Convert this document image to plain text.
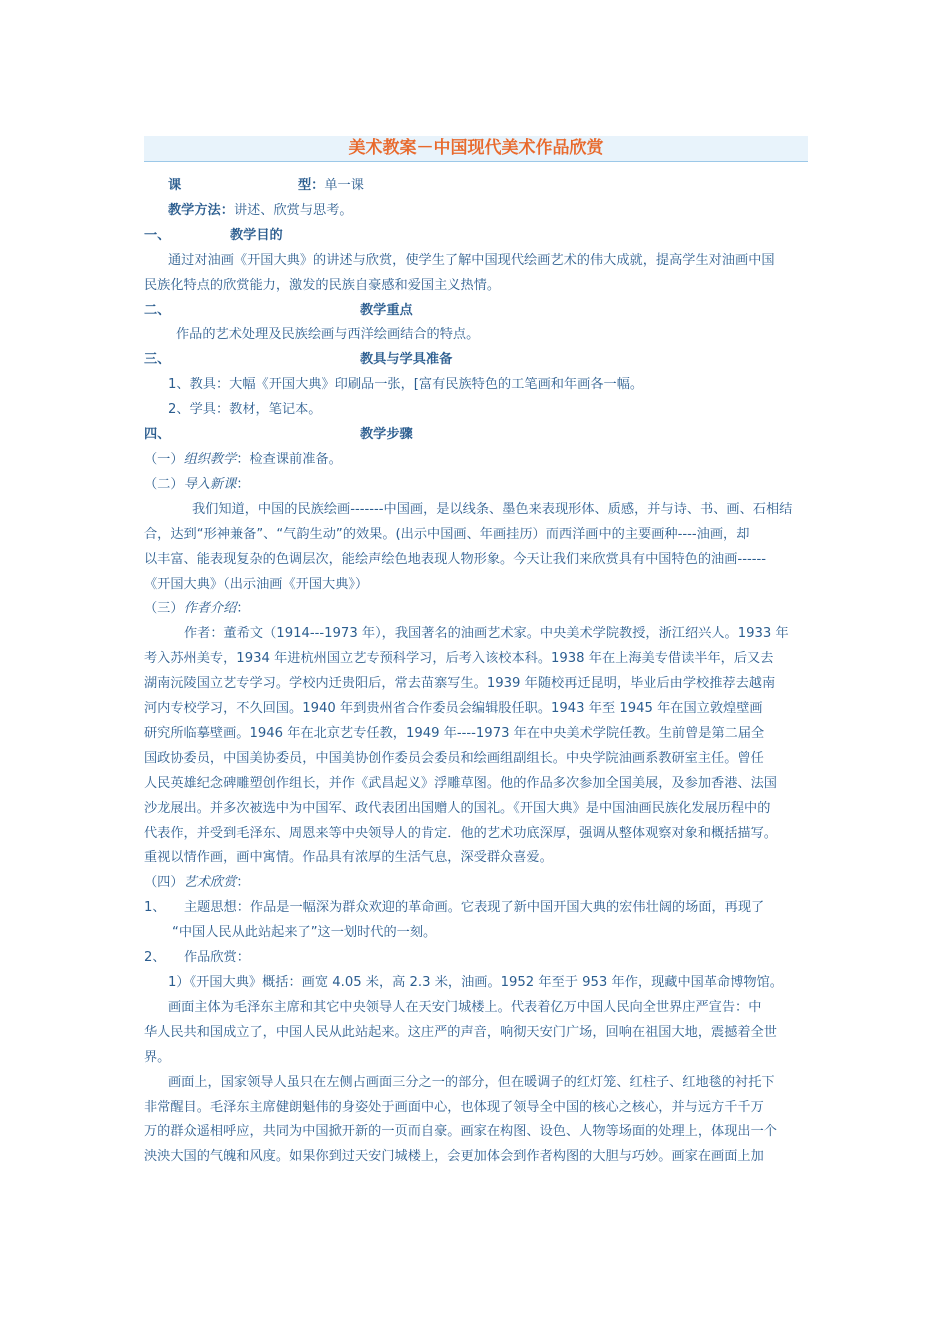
美术教案－中国现代美术作品欣赏

课	型：单一课

教学方法：讲述、欣赏与思考。

一、	教学目的

通过对油画《开国大典》的讲述与欣赏，使学生了解中国现代绘画艺术的伟大成就，提高学生对油画中国

民族化特点的欣赏能力，激发的民族自豪感和爱国主义热情。

二、	教学重点

作品的艺术处理及民族绘画与西洋绘画结合的特点。

三、	教具与学具准备

1、教具：大幅《开国大典》印刷品一张，[富有民族特色的工笔画和年画各一幅。

2、学具：教材，笔记本。

四、	教学步骤

（一）组织教学：检查课前准备。

（二）导入新课：

我们知道，中国的民族绘画-------中国画，是以线条、墨色来表现形体、质感，并与诗、书、画、石相结

合，达到“形神兼备”、“气韵生动”的效果。(出示中国画、年画挂历）而西洋画中的主要画种----油画，却

以丰富、能表现复杂的色调层次，能绘声绘色地表现人物形象。今天让我们来欣赏具有中国特色的油画------

《开国大典》（出示油画《开国大典》）

（三）作者介绍：

作者：董希文（1914---1973 年），我国著名的油画艺术家。中央美术学院教授，浙江绍兴人。1933 年

考入苏州美专，1934 年进杭州国立艺专预科学习，后考入该校本科。1938 年在上海美专借读半年，后又去

湖南沅陵国立艺专学习。学校内迁贵阳后，常去苗寨写生。1939 年随校再迁昆明，毕业后由学校推荐去越南

河内专校学习，不久回国。1940 年到贵州省合作委员会编辑股任职。1943 年至 1945 年在国立敦煌壁画

研究所临摹壁画。1946 年在北京艺专任教，1949 年----1973 年在中央美术学院任教。生前曾是第二届全

国政协委员，中国美协委员，中国美协创作委员会委员和绘画组副组长。中央学院油画系教研室主任。曾任

人民英雄纪念碑雕塑创作组长，并作《武昌起义》浮雕草图。他的作品多次参加全国美展，及参加香港、法国

沙龙展出。并多次被选中为中国军、政代表团出国赠人的国礼。《开国大典》是中国油画民族化发展历程中的

代表作，并受到毛泽东、周恩来等中央领导人的肯定．他的艺术功底深厚，强调从整体观察对象和概括描写。

重视以情作画，画中寓情。作品具有浓厚的生活气息，深受群众喜爱。

（四）艺术欣赏：

1、 主题思想：作品是一幅深为群众欢迎的革命画。它表现了新中国开国大典的宏伟壮阔的场面，再现了

“中国人民从此站起来了”这一划时代的一刻。

2、 作品欣赏：

1）《开国大典》概括：画宽 4.05 米，高 2.3 米，油画。1952 年至于 953 年作，现藏中国革命博物馆。

画面主体为毛泽东主席和其它中央领导人在天安门城楼上。代表着亿万中国人民向全世界庄严宣告：中

华人民共和国成立了，中国人民从此站起来。这庄严的声音，响彻天安门广场，回响在祖国大地，震撼着全世

界。

画面上，国家领导人虽只在左侧占画面三分之一的部分，但在暖调子的红灯笼、红柱子、红地毯的衬托下

非常醒目。毛泽东主席健朗魁伟的身姿处于画面中心，也体现了领导全中国的核心之核心，并与远方千千万

万的群众遥相呼应，共同为中国掀开新的一页而自豪。画家在构图、设色、人物等场面的处理上，体现出一个

泱泱大国的气魄和风度。如果你到过天安门城楼上，会更加体会到作者构图的大胆与巧妙。画家在画面上加
